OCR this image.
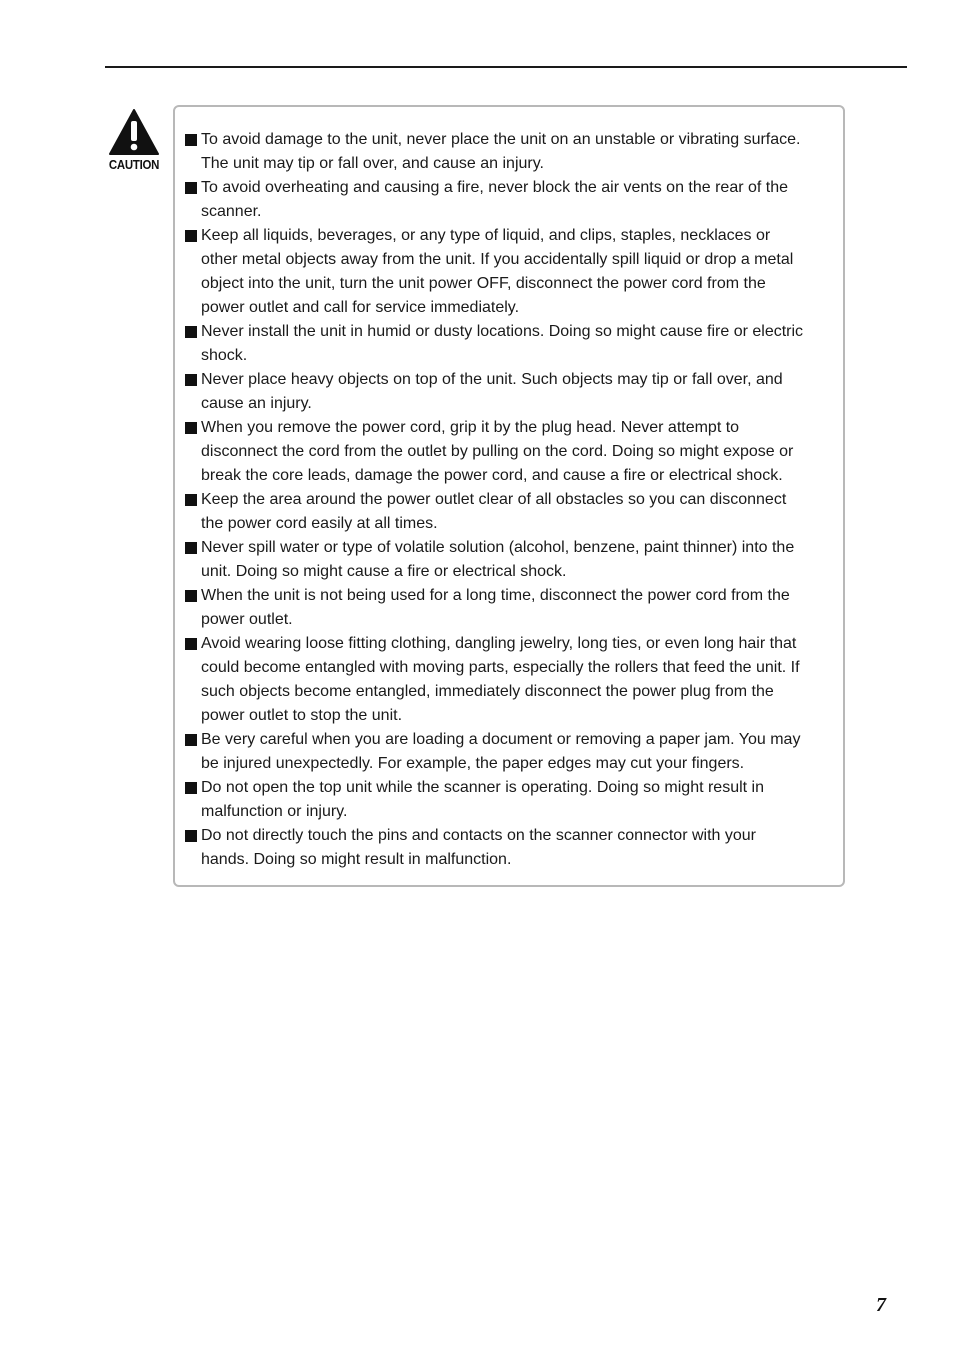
CAUTION
To avoid damage to the unit, never place the unit on an unstable or vibrating surface.
The unit may tip or fall over, and cause an injury.
To avoid overheating and causing a fire, never block the air vents on the rear of the
scanner.
Keep all liquids, beverages, or any type of liquid, and clips, staples, necklaces or
other metal objects away from the unit. If you accidentally spill liquid or drop a metal
object into the unit, turn the unit power OFF, disconnect the power cord from the
power outlet and call for service immediately.
Never install the unit in humid or dusty locations. Doing so might cause fire or electric
shock.
Never place heavy objects on top of the unit. Such objects may tip or fall over, and
cause an injury.
When you remove the power cord, grip it by the plug head. Never attempt to
disconnect the cord from the outlet by pulling on the cord. Doing so might expose or
break the core leads, damage the power cord, and cause a fire or electrical shock.
Keep the area around the power outlet clear of all obstacles so you can disconnect
the power cord easily at all times.
Never spill water or type of volatile solution (alcohol, benzene, paint thinner) into the
unit. Doing so might cause a fire or electrical shock.
When the unit is not being used for a long time, disconnect the power cord from the
power outlet.
Avoid wearing loose fitting clothing, dangling jewelry, long ties, or even long hair that
could become entangled with moving parts, especially the rollers that feed the unit. If
such objects become entangled, immediately disconnect the power plug from the
power outlet to stop the unit.
Be very careful when you are loading a document or removing a paper jam. You may
be injured unexpectedly. For example, the paper edges may cut your fingers.
Do not open the top unit while the scanner is operating. Doing so might result in
malfunction or injury.
Do not directly touch the pins and contacts on the scanner connector with your
hands. Doing so might result in malfunction.
7
